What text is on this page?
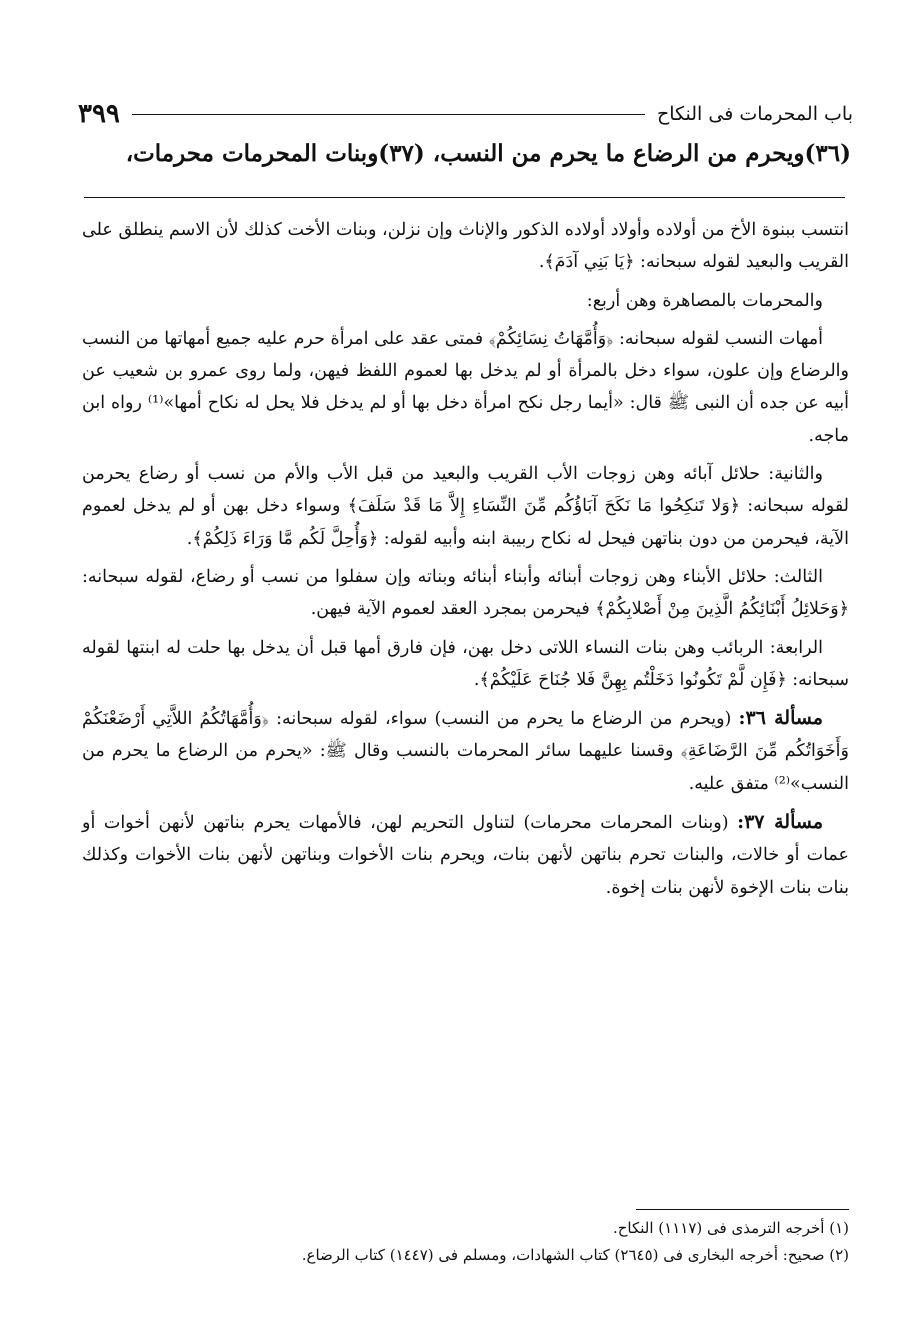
باب المحرمات فى النكاح
٣٩٩
(٣٦)ويحرم من الرضاع ما يحرم من النسب، (٣٧)وبنات المحرمات محرمات،

انتسب ببنوة الأخ من أولاده وأولاد أولاده الذكور والإناث وإن نزلن، وبنات الأخت كذلك لأن الاسم ينطلق على القريب والبعيد لقوله سبحانه: ﴿يَا بَنِي آدَمَ﴾.

والمحرمات بالمصاهرة وهن أربع:

أمهات النسب لقوله سبحانه: ﴿وَأُمَّهَاتُ نِسَائِكُمْ﴾ فمتى عقد على امرأة حرم عليه جميع أمهاتها من النسب والرضاع وإن علون، سواء دخل بالمرأة أو لم يدخل بها لعموم اللفظ فيهن، ولما روى عمرو بن شعيب عن أبيه عن جده أن النبى ﷺ قال: «أيما رجل نكح امرأة دخل بها أو لم يدخل فلا يحل له نكاح أمها»⁽¹⁾ رواه ابن ماجه.

والثانية: حلائل آبائه وهن زوجات الأب القريب والبعيد من قبل الأب والأم من نسب أو رضاع يحرمن لقوله سبحانه: ﴿وَلا تَنكِحُوا مَا نَكَحَ آبَاؤُكُم مِّنَ النِّسَاءِ إِلاَّ مَا قَدْ سَلَفَ﴾ وسواء دخل بهن أو لم يدخل لعموم الآية، فيحرمن من دون بناتهن فيحل له نكاح ربيبة ابنه وأبيه لقوله: ﴿وَأُحِلَّ لَكُم مَّا وَرَاءَ ذَلِكُمْ﴾.

الثالث: حلائل الأبناء وهن زوجات أبنائه وأبناء أبنائه وبناته وإن سفلوا من نسب أو رضاع، لقوله سبحانه: ﴿وَحَلائِلُ أَبْنَائِكُمُ الَّذِينَ مِنْ أَصْلابِكُمْ﴾ فيحرمن بمجرد العقد لعموم الآية فيهن.

الرابعة: الربائب وهن بنات النساء اللاتى دخل بهن، فإن فارق أمها قبل أن يدخل بها حلت له ابنتها لقوله سبحانه: ﴿فَإِن لَّمْ تَكُونُوا دَخَلْتُم بِهِنَّ فَلا جُنَاحَ عَلَيْكُمْ﴾.

مسألة ٣٦: (ويحرم من الرضاع ما يحرم من النسب) سواء، لقوله سبحانه: ﴿وَأُمَّهَاتُكُمُ اللاَّتِي أَرْضَعْنَكُمْ وَأَخَوَاتُكُم مِّنَ الرَّضَاعَةِ﴾ وقسنا عليهما سائر المحرمات بالنسب وقال ﷺ: «يحرم من الرضاع ما يحرم من النسب»⁽²⁾ متفق عليه.

مسألة ٣٧: (وبنات المحرمات محرمات) لتناول التحريم لهن، فالأمهات يحرم بناتهن لأنهن أخوات أو عمات أو خالات، والبنات تحرم بناتهن لأنهن بنات، ويحرم بنات الأخوات وبناتهن لأنهن بنات الأخوات وكذلك بنات بنات الإخوة لأنهن بنات إخوة.

(١) أخرجه الترمذى فى (١١١٧) النكاح.
(٢) صحيح: أخرجه البخارى فى (٢٦٤٥) كتاب الشهادات، ومسلم فى (١٤٤٧) كتاب الرضاع.
